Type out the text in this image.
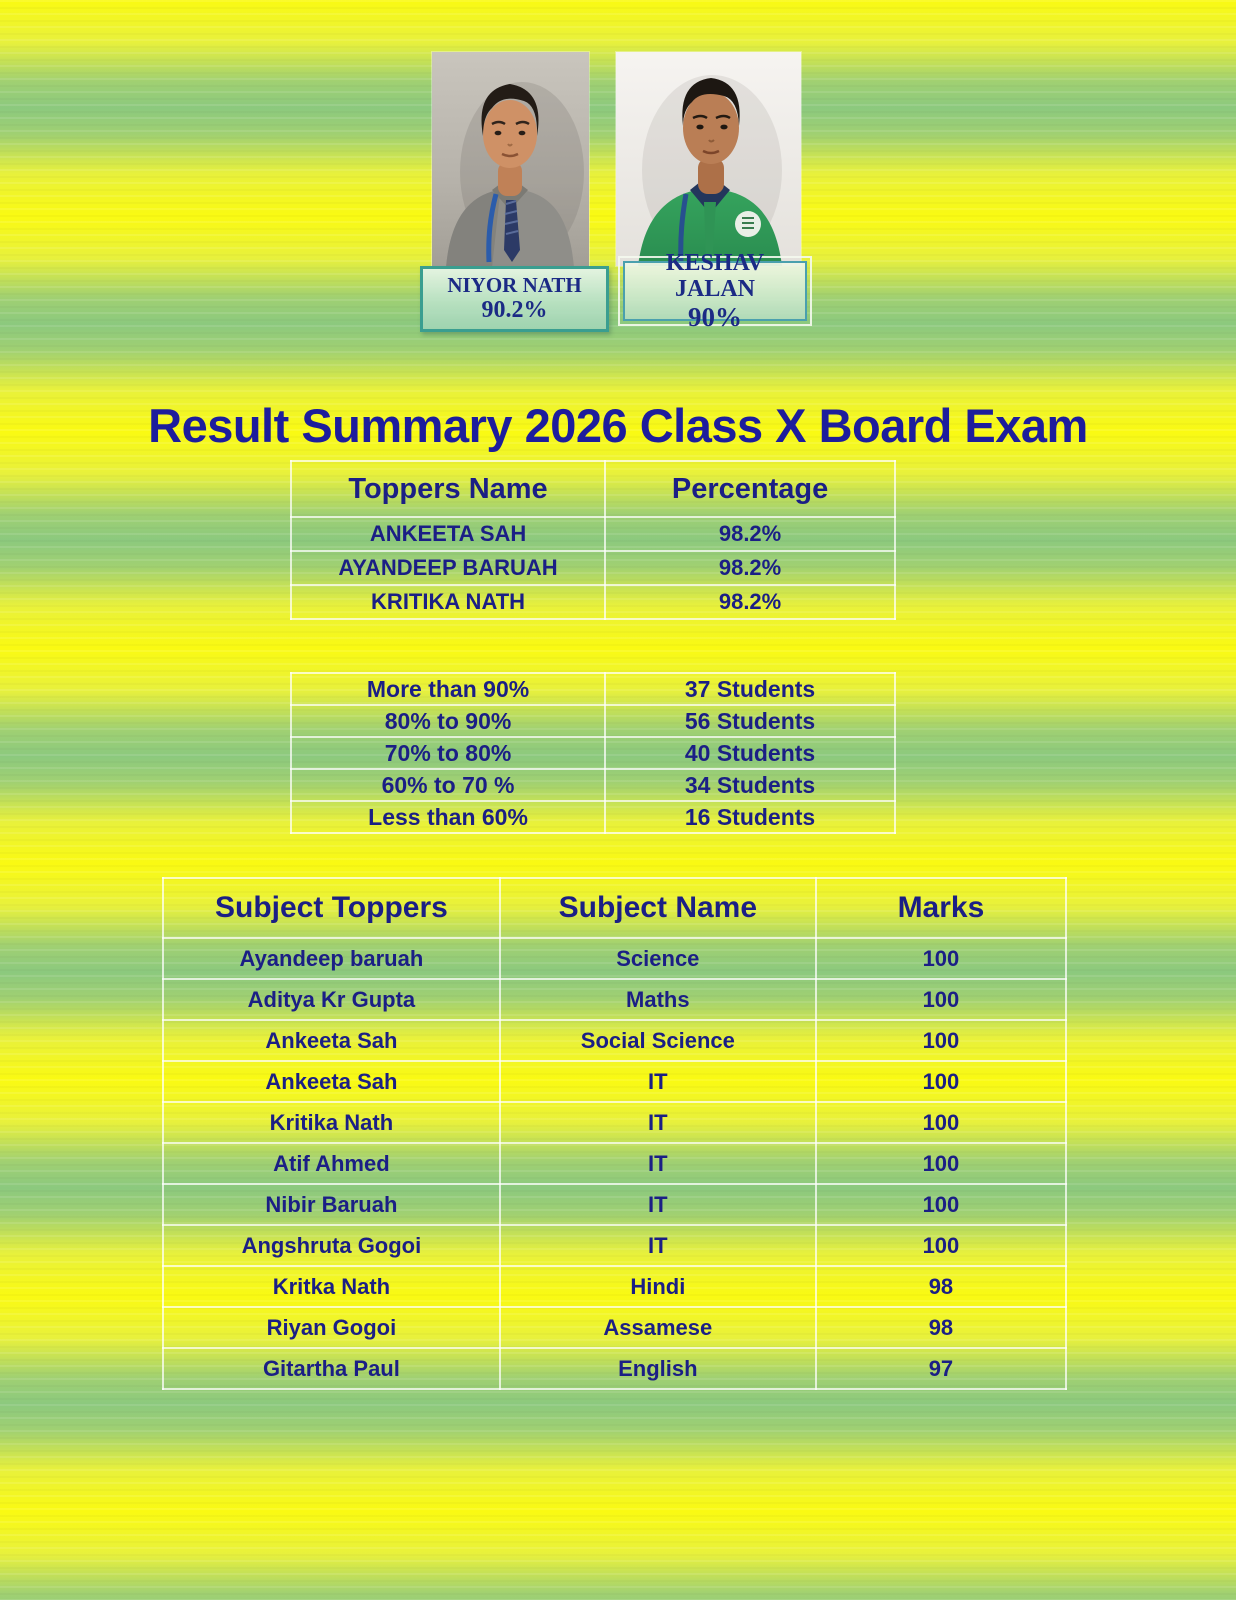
NIYOR NATH
90.2%
KESHAV JALAN
90%
Result Summary 2026 Class X Board Exam
Toppers Name	Percentage
ANKEETA SAH	98.2%
AYANDEEP BARUAH	98.2%
KRITIKA NATH	98.2%
More than 90%	37 Students
80% to 90%	56 Students
70% to 80%	40 Students
60% to 70 %	34 Students
Less than 60%	16 Students
Subject Toppers	Subject Name	Marks
Ayandeep baruah	Science	100
Aditya Kr Gupta	Maths	100
Ankeeta Sah	Social Science	100
Ankeeta Sah	IT	100
Kritika Nath	IT	100
Atif Ahmed	IT	100
Nibir Baruah	IT	100
Angshruta Gogoi	IT	100
Kritka Nath	Hindi	98
Riyan Gogoi	Assamese	98
Gitartha Paul	English	97
